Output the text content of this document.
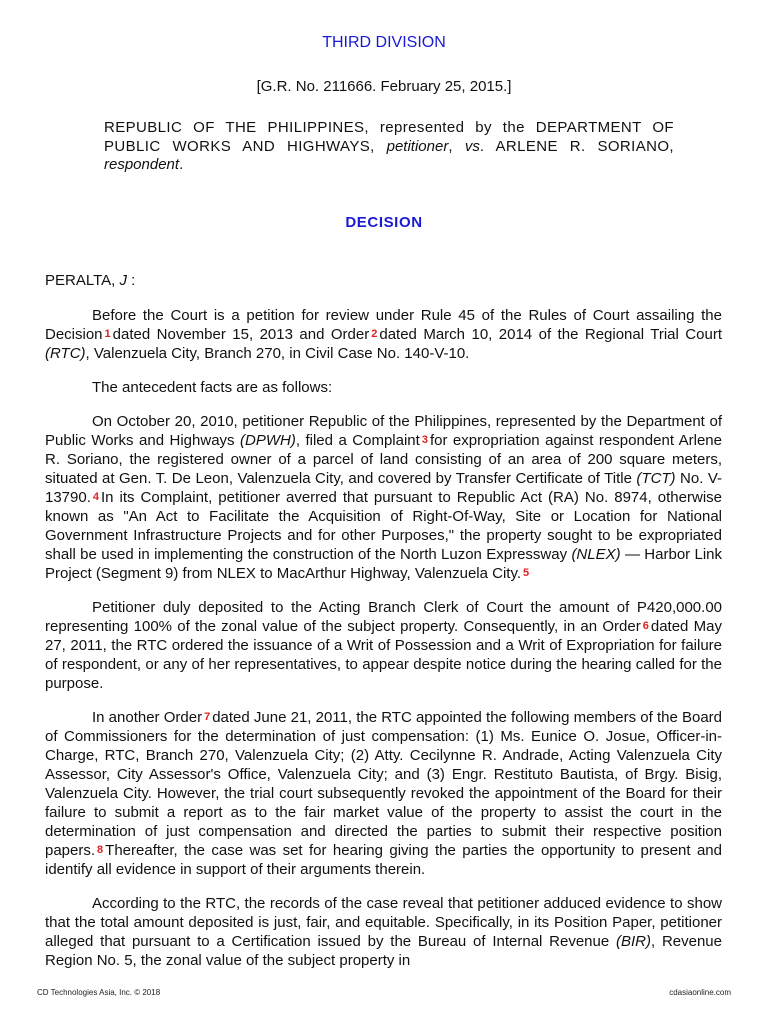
THIRD DIVISION
[G.R. No. 211666. February 25, 2015.]
REPUBLIC OF THE PHILIPPINES, represented by the DEPARTMENT OF PUBLIC WORKS AND HIGHWAYS, petitioner, vs. ARLENE R. SORIANO, respondent.
DECISION
PERALTA, J :

Before the Court is a petition for review under Rule 45 of the Rules of Court assailing the Decision 1 dated November 15, 2013 and Order 2 dated March 10, 2014 of the Regional Trial Court (RTC), Valenzuela City, Branch 270, in Civil Case No. 140-V-10.

The antecedent facts are as follows:

On October 20, 2010, petitioner Republic of the Philippines, represented by the Department of Public Works and Highways (DPWH), filed a Complaint 3 for expropriation against respondent Arlene R. Soriano, the registered owner of a parcel of land consisting of an area of 200 square meters, situated at Gen. T. De Leon, Valenzuela City, and covered by Transfer Certificate of Title (TCT) No. V-13790. 4 In its Complaint, petitioner averred that pursuant to Republic Act (RA) No. 8974, otherwise known as "An Act to Facilitate the Acquisition of Right-Of-Way, Site or Location for National Government Infrastructure Projects and for other Purposes," the property sought to be expropriated shall be used in implementing the construction of the North Luzon Expressway (NLEX) — Harbor Link Project (Segment 9) from NLEX to MacArthur Highway, Valenzuela City. 5

Petitioner duly deposited to the Acting Branch Clerk of Court the amount of P420,000.00 representing 100% of the zonal value of the subject property. Consequently, in an Order 6 dated May 27, 2011, the RTC ordered the issuance of a Writ of Possession and a Writ of Expropriation for failure of respondent, or any of her representatives, to appear despite notice during the hearing called for the purpose.

In another Order 7 dated June 21, 2011, the RTC appointed the following members of the Board of Commissioners for the determination of just compensation: (1) Ms. Eunice O. Josue, Officer-in-Charge, RTC, Branch 270, Valenzuela City; (2) Atty. Cecilynne R. Andrade, Acting Valenzuela City Assessor, City Assessor's Office, Valenzuela City; and (3) Engr. Restituto Bautista, of Brgy. Bisig, Valenzuela City. However, the trial court subsequently revoked the appointment of the Board for their failure to submit a report as to the fair market value of the property to assist the court in the determination of just compensation and directed the parties to submit their respective position papers. 8 Thereafter, the case was set for hearing giving the parties the opportunity to present and identify all evidence in support of their arguments therein.

According to the RTC, the records of the case reveal that petitioner adduced evidence to show that the total amount deposited is just, fair, and equitable. Specifically, in its Position Paper, petitioner alleged that pursuant to a Certification issued by the Bureau of Internal Revenue (BIR), Revenue Region No. 5, the zonal value of the subject property in

CD Technologies Asia, Inc. © 2018	cdasiaonline.com
